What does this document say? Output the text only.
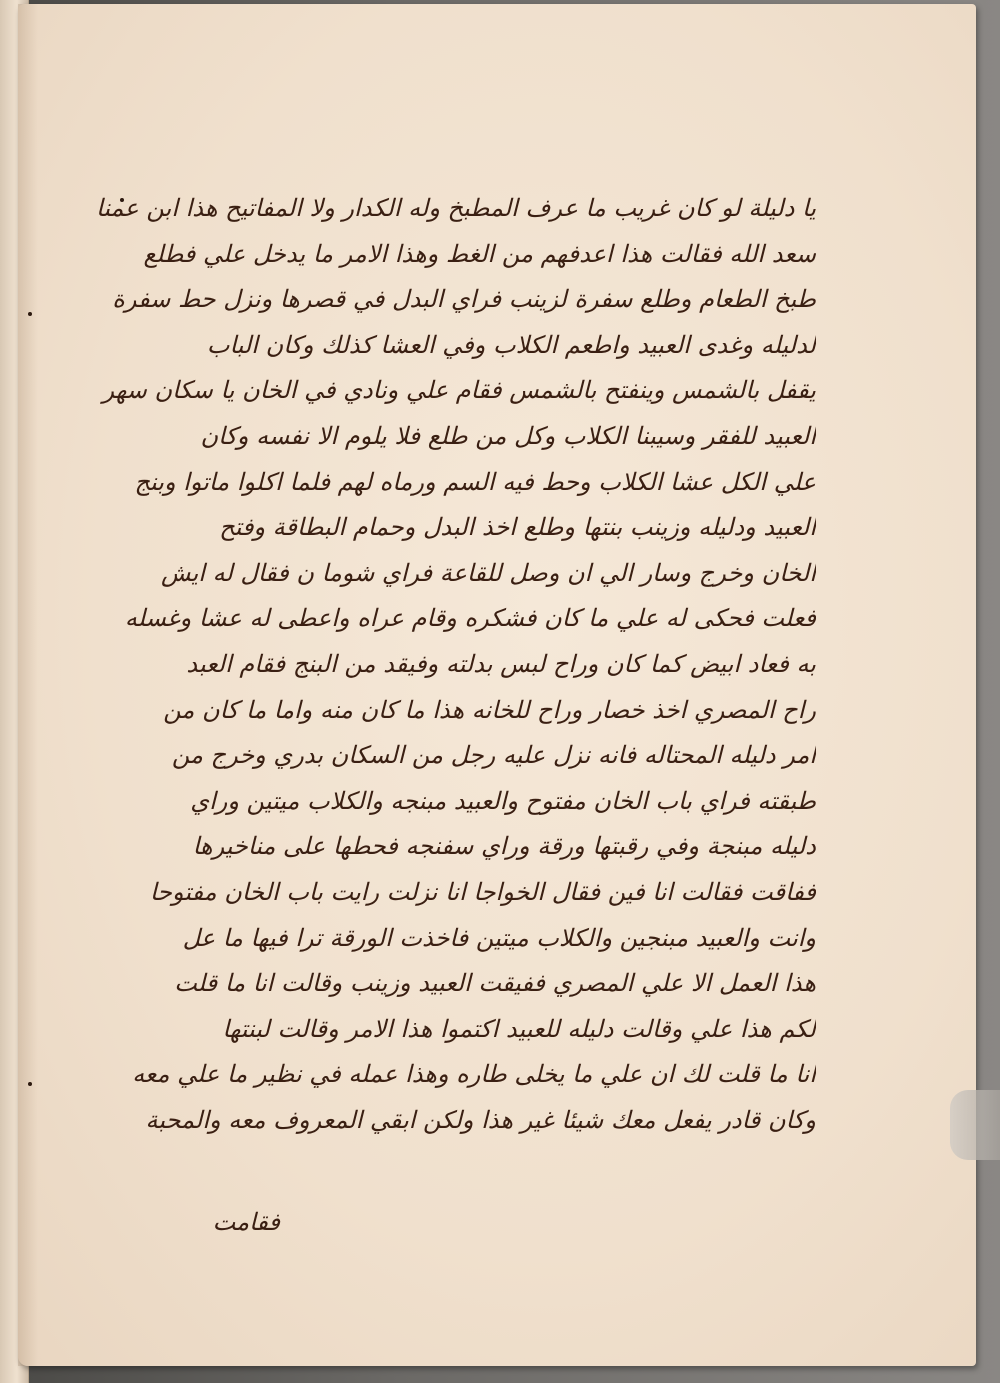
يا دليلة لو كان غريب ما عرف المطبخ وله الكدار ولا المفاتيح هذا ابن عمنا
سعد الله فقالت هذا اعدفهم من الغط وهذا الامر ما يدخل علي فطلع
طبخ الطعام وطلع سفرة لزينب فراي البدل في قصرها ونزل حط سفرة
لدليله وغدى العبيد واطعم الكلاب وفي العشا كذلك وكان الباب
يقفل بالشمس وينفتح بالشمس فقام علي ونادي في الخان يا سكان سهر
العبيد للفقر وسيبنا الكلاب وكل من طلع فلا يلوم الا نفسه وكان
علي الكل عشا الكلاب وحط فيه السم ورماه لهم فلما اكلوا ماتوا وبنج
العبيد ودليله وزينب بنتها وطلع اخذ البدل وحمام البطاقة وفتح
الخان وخرج وسار الي ان وصل للقاعة فراي شوما ن فقال له ايش
فعلت فحكى له علي ما كان فشكره وقام عراه واعطى له عشا وغسله
به فعاد ابيض كما كان وراح لبس بدلته وفيقد من البنج فقام العبد
راح المصري اخذ خصار وراح للخانه هذا ما كان منه واما ما كان من
امر دليله المحتاله فانه نزل عليه رجل من السكان بدري وخرج من
طبقته فراي باب الخان مفتوح والعبيد مبنجه والكلاب ميتين وراي
دليله مبنجة وفي رقبتها ورقة وراي سفنجه فحطها على مناخيرها
ففاقت فقالت انا فين فقال الخواجا انا نزلت رايت باب الخان مفتوحا
وانت والعبيد مبنجين والكلاب ميتين فاخذت الورقة ترا فيها ما عل
هذا العمل الا علي المصري ففيقت العبيد وزينب وقالت انا ما قلت
لكم هذا علي وقالت دليله للعبيد اكتموا هذا الامر وقالت لبنتها
انا ما قلت لك ان علي ما يخلى طاره وهذا عمله في نظير ما علي معه
وكان قادر يفعل معك شيئا غير هذا ولكن ابقي المعروف معه والمحبة
فقامت
